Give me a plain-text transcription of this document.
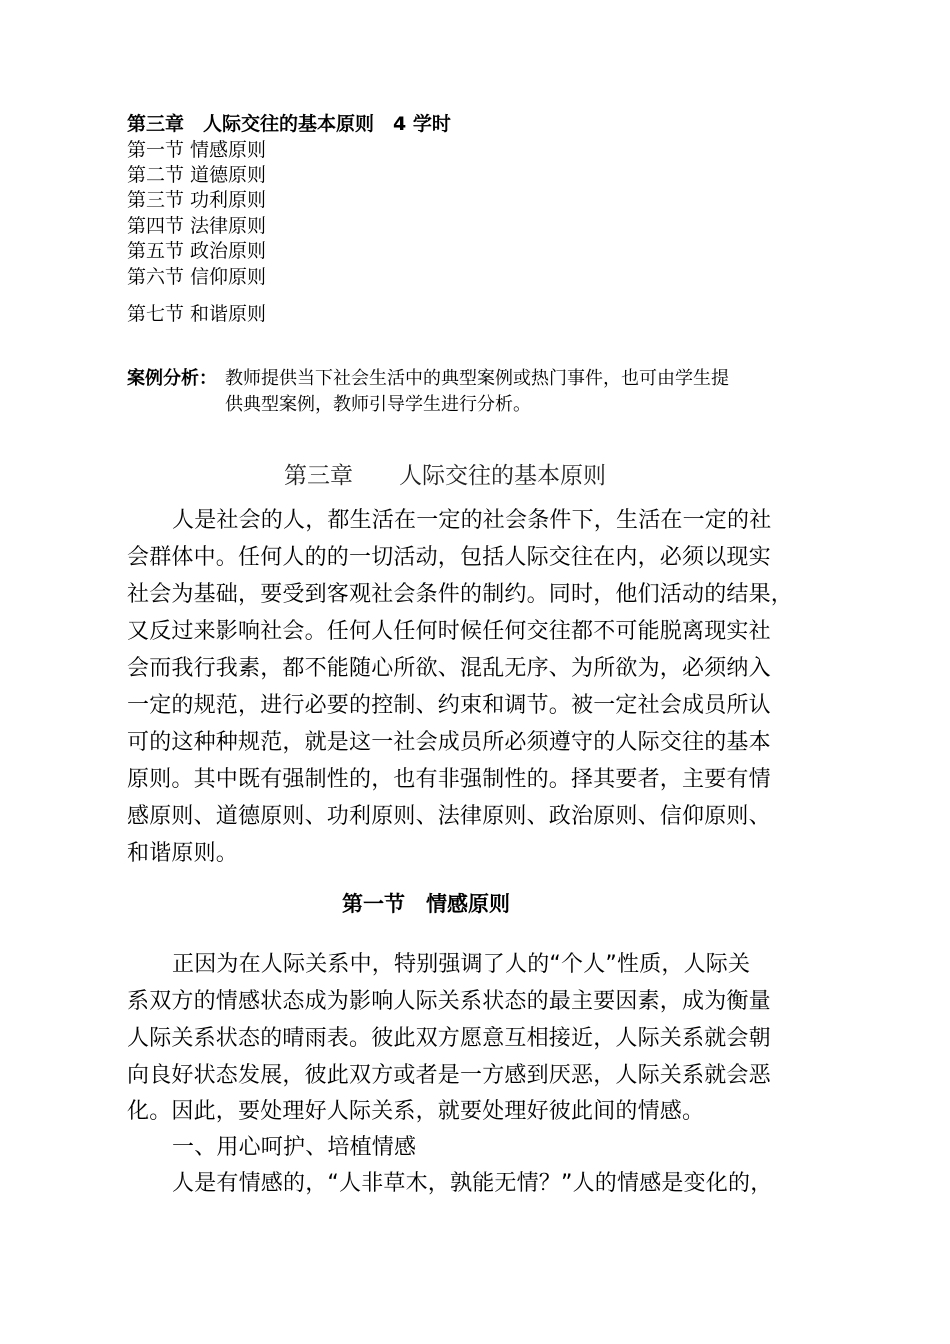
第三章　人际交往的基本原则　4 学时
第一节 情感原则
第二节 道德原则
第三节 功利原则
第四节 法律原则
第五节 政治原则
第六节 信仰原则
第七节 和谐原则
案例分析： 教师提供当下社会生活中的典型案例或热门事件，也可由学生提
供典型案例，教师引导学生进行分析。
第三章　　人际交往的基本原则
人是社会的人，都生活在一定的社会条件下，生活在一定的社
会群体中。任何人的的一切活动，包括人际交往在内，必须以现实
社会为基础，要受到客观社会条件的制约。同时，他们活动的结果，
又反过来影响社会。任何人任何时候任何交往都不可能脱离现实社
会而我行我素，都不能随心所欲、混乱无序、为所欲为，必须纳入
一定的规范，进行必要的控制、约束和调节。被一定社会成员所认
可的这种种规范，就是这一社会成员所必须遵守的人际交往的基本
原则。其中既有强制性的，也有非强制性的。择其要者，主要有情
感原则、道德原则、功利原则、法律原则、政治原则、信仰原则、
和谐原则。
第一节　情感原则
正因为在人际关系中，特别强调了人的“个人”性质，人际关
系双方的情感状态成为影响人际关系状态的最主要因素，成为衡量
人际关系状态的晴雨表。彼此双方愿意互相接近，人际关系就会朝
向良好状态发展，彼此双方或者是一方感到厌恶，人际关系就会恶
化。因此，要处理好人际关系，就要处理好彼此间的情感。
一、用心呵护、培植情感
人是有情感的，“人非草木，孰能无情？”人的情感是变化的，
